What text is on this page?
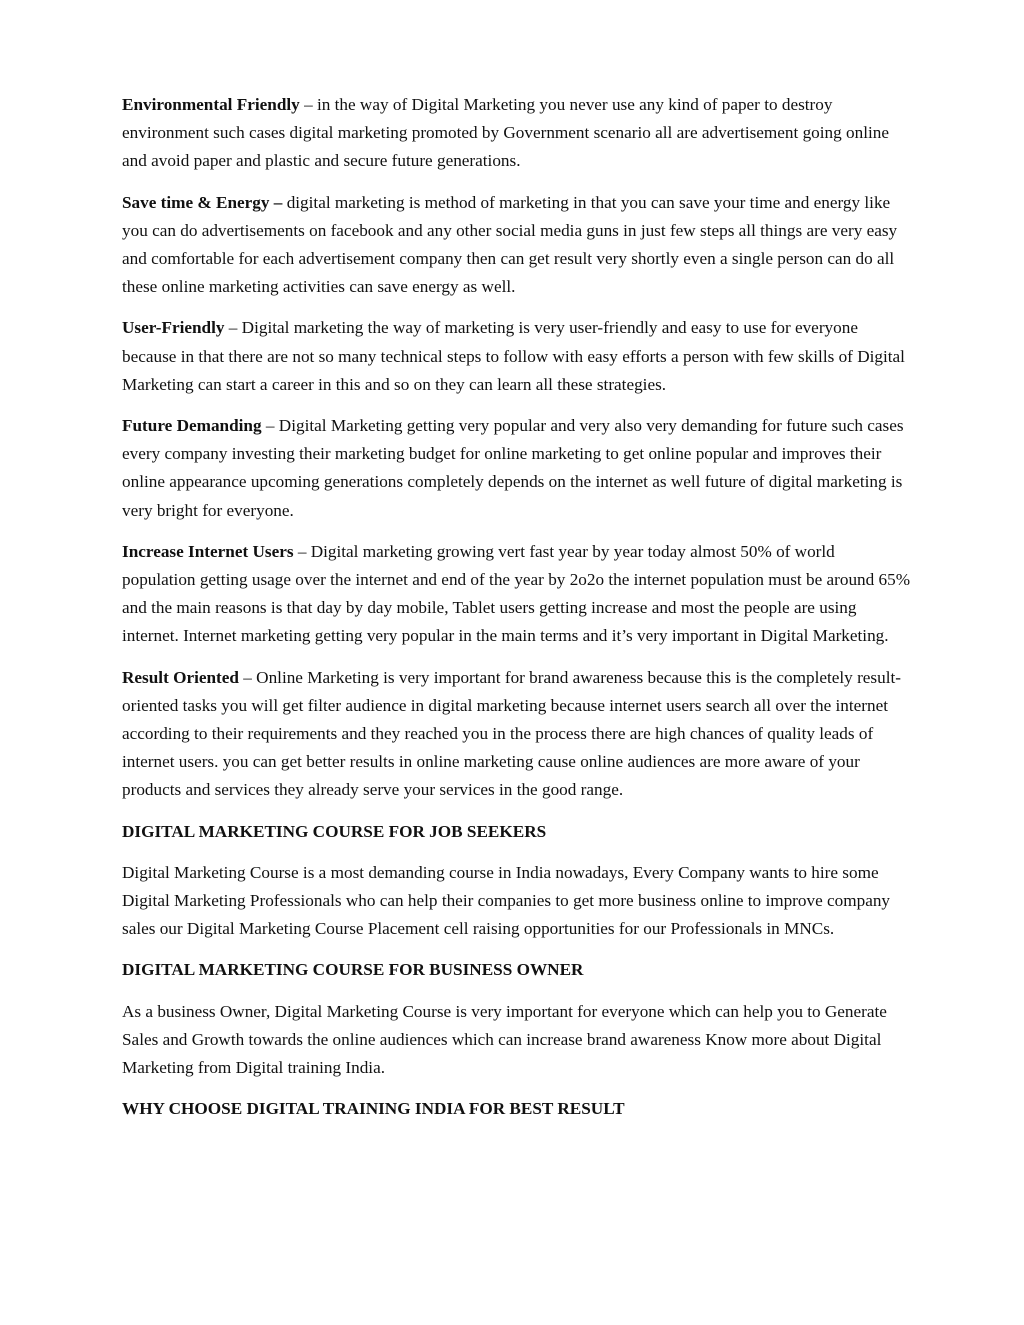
Environmental Friendly – in the way of Digital Marketing you never use any kind of paper to destroy environment such cases digital marketing promoted by Government scenario all are advertisement going online and avoid paper and plastic and secure future generations.

Save time & Energy – digital marketing is method of marketing in that you can save your time and energy like you can do advertisements on facebook and any other social media guns in just few steps all things are very easy and comfortable for each advertisement company then can get result very shortly even a single person can do all these online marketing activities can save energy as well.

User-Friendly – Digital marketing the way of marketing is very user-friendly and easy to use for everyone because in that there are not so many technical steps to follow with easy efforts a person with few skills of Digital Marketing can start a career in this and so on they can learn all these strategies.

Future Demanding – Digital Marketing getting very popular and very also very demanding for future such cases every company investing their marketing budget for online marketing to get online popular and improves their online appearance upcoming generations completely depends on the internet as well future of digital marketing is very bright for everyone.

Increase Internet Users – Digital marketing growing vert fast year by year today almost 50% of world population getting usage over the internet and end of the year by 2o2o the internet population must be around 65% and the main reasons is that day by day mobile, Tablet users getting increase and most the people are using internet. Internet marketing getting very popular in the main terms and it’s very important in Digital Marketing.

Result Oriented – Online Marketing is very important for brand awareness because this is the completely result-oriented tasks you will get filter audience in digital marketing because internet users search all over the internet according to their requirements and they reached you in the process there are high chances of quality leads of internet users. you can get better results in online marketing cause online audiences are more aware of your products and services they already serve your services in the good range.

DIGITAL MARKETING COURSE FOR JOB SEEKERS

Digital Marketing Course is a most demanding course in India nowadays, Every Company wants to hire some Digital Marketing Professionals who can help their companies to get more business online to improve company sales our Digital Marketing Course Placement cell raising opportunities for our Professionals in MNCs.

DIGITAL MARKETING COURSE FOR BUSINESS OWNER

As a business Owner, Digital Marketing Course is very important for everyone which can help you to Generate Sales and Growth towards the online audiences which can increase brand awareness Know more about Digital Marketing from Digital training India.

WHY CHOOSE DIGITAL TRAINING INDIA FOR BEST RESULT
